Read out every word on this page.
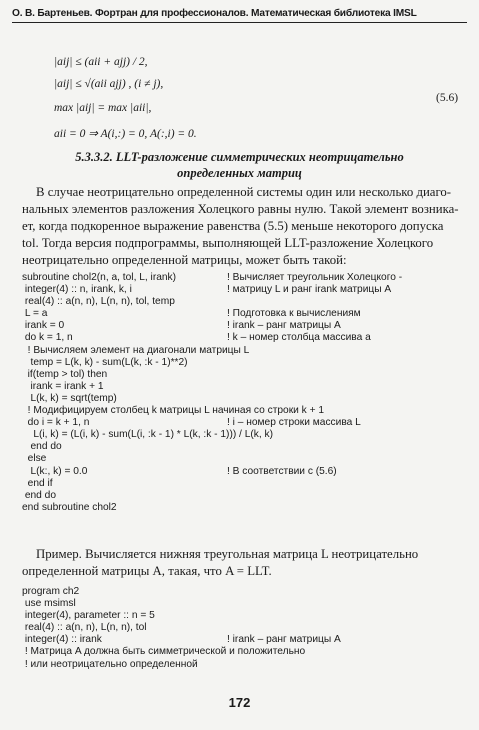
О. В. Бартеньев. Фортран для профессионалов. Математическая библиотека IMSL
|aij| ≤ (aii + ajj) / 2,
|aij| ≤ √(aii ajj) , (i ≠ j),
max |aij| = max |aii|,
aii = 0 ⇒ A(i,:) = 0, A(:,i) = 0.
(5.6)
5.3.3.2. LLT-разложение симметрических неотрицательно
определенных матриц
В случае неотрицательно определенной системы один или несколько диаго-
нальных элементов разложения Холецкого равны нулю. Такой элемент возника-
ет, когда подкоренное выражение равенства (5.5) меньше некоторого допуска
tol. Тогда версия подпрограммы, выполняющей LLT-разложение Холецкого
неотрицательно определенной матрицы, может быть такой:
subroutine chol2(n, a, tol, L, irank)	! Вычисляет треугольник Холецкого -
integer(4) :: n, irank, k, i	! матрицу L и ранг irank матрицы A
real(4) :: a(n, n), L(n, n), tol, temp
L = a	! Подготовка к вычислениям
irank = 0	! irank – ранг матрицы A
do k = 1, n	! k – номер столбца массива a
! Вычисляем элемент на диагонали матрицы L
temp = L(k, k) - sum(L(k, :k - 1)**2)
if(temp > tol) then
irank = irank + 1
L(k, k) = sqrt(temp)
! Модифицируем столбец k матрицы L начиная со строки k + 1
do i = k + 1, n	! i – номер строки массива L
L(i, k) = (L(i, k) - sum(L(i, :k - 1) * L(k, :k - 1))) / L(k, k)
end do
else
L(k:, k) = 0.0	! В соответствии с (5.6)
end if
end do
end subroutine chol2
Пример. Вычисляется нижняя треугольная матрица L неотрицательно
определенной матрицы A, такая, что A = LLT.
program ch2
use msimsl
integer(4), parameter :: n = 5
real(4) :: a(n, n), L(n, n), tol
integer(4) :: irank	! irank – ранг матрицы A
! Матрица A должна быть симметрической и положительно
! или неотрицательно определенной
172
